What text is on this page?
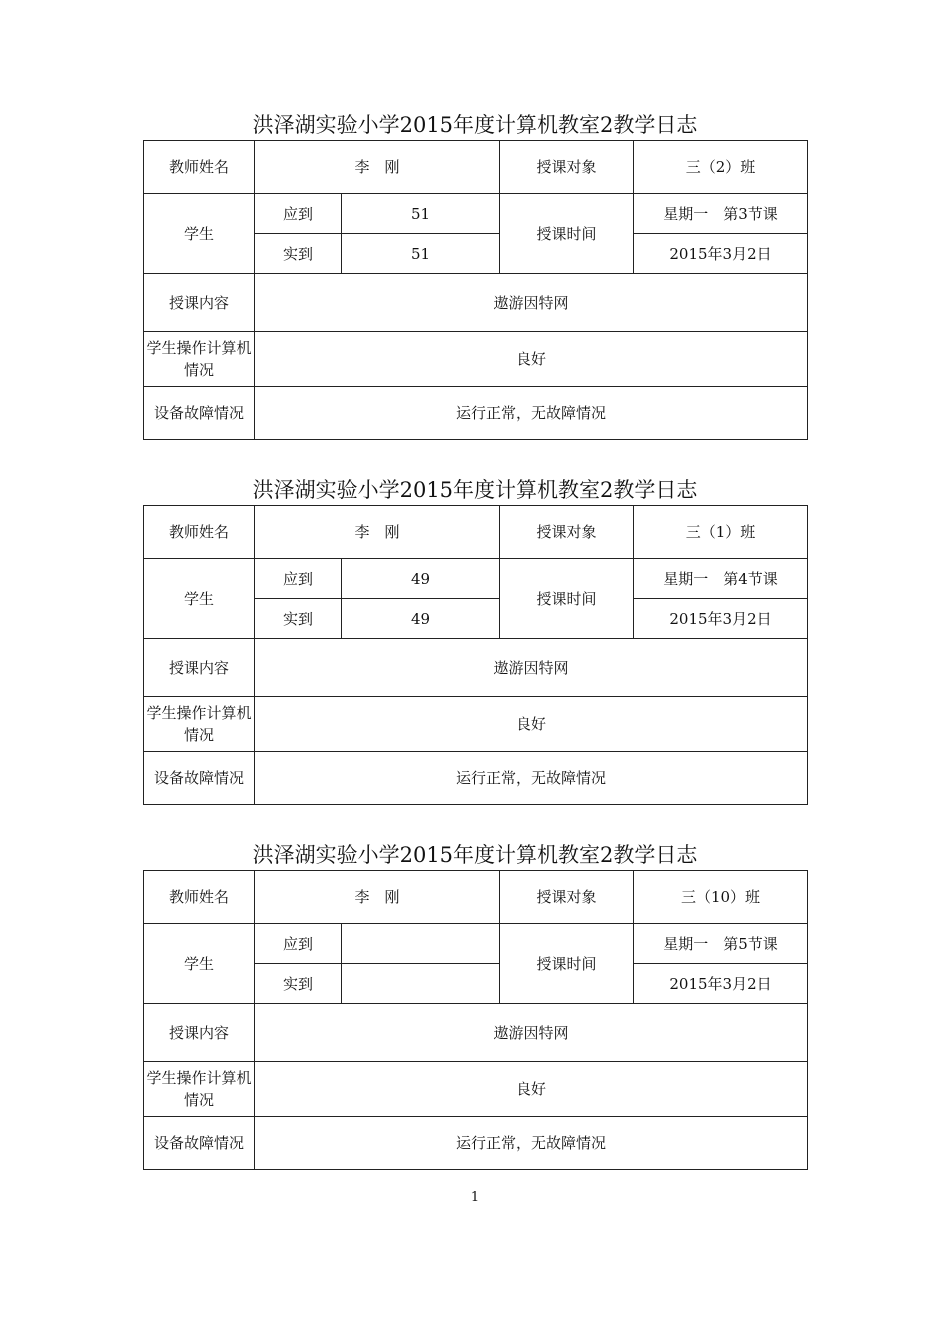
洪泽湖实验小学2015年度计算机教室2教学日志
教师姓名	李　刚		授课对象	三（2）班
学生	应到	51	授课时间	星期一　第3节课
	实到	51		2015年3月2日
授课内容	遨游因特网			
学生操作计算机情况	良好			
设备故障情况	运行正常，无故障情况			
洪泽湖实验小学2015年度计算机教室2教学日志
教师姓名	李　刚		授课对象	三（1）班
学生	应到	49	授课时间	星期一　第4节课
	实到	49		2015年3月2日
授课内容	遨游因特网			
学生操作计算机情况	良好			
设备故障情况	运行正常，无故障情况			
洪泽湖实验小学2015年度计算机教室2教学日志
教师姓名	李　刚		授课对象	三（10）班
学生	应到		授课时间	星期一　第5节课
	实到			2015年3月2日
授课内容	遨游因特网			
学生操作计算机情况	良好			
设备故障情况	运行正常，无故障情况			
1
